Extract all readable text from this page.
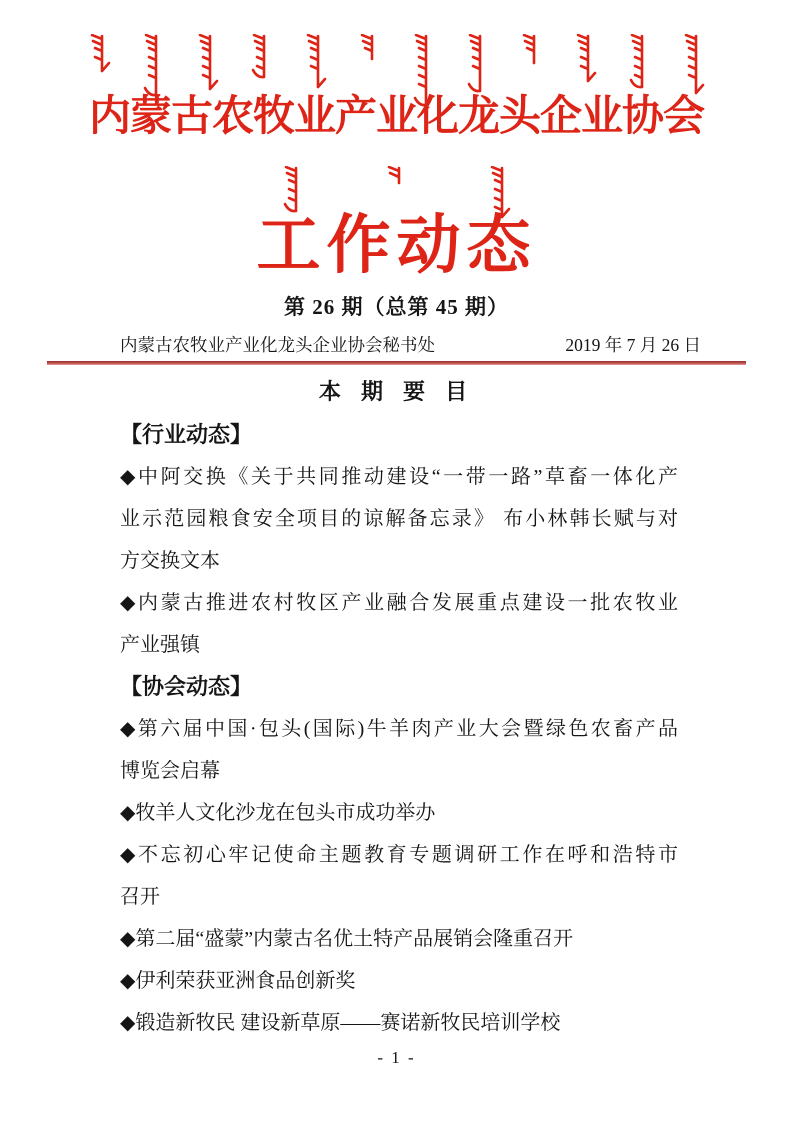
内蒙古农牧业产业化龙头企业协会
工作动态
第 26 期（总第 45 期）
内蒙古农牧业产业化龙头企业协会秘书处	2019 年 7 月 26 日
本 期 要 目
【行业动态】
◆中阿交换《关于共同推动建设“一带一路”草畜一体化产
业示范园粮食安全项目的谅解备忘录》 布小林韩长赋与对
方交换文本
◆内蒙古推进农村牧区产业融合发展重点建设一批农牧业
产业强镇
【协会动态】
◆第六届中国·包头(国际)牛羊肉产业大会暨绿色农畜产品
博览会启幕
◆牧羊人文化沙龙在包头市成功举办
◆不忘初心牢记使命主题教育专题调研工作在呼和浩特市
召开
◆第二届“盛蒙”内蒙古名优土特产品展销会隆重召开
◆伊利荣获亚洲食品创新奖
◆锻造新牧民 建设新草原——赛诺新牧民培训学校
- 1 -
